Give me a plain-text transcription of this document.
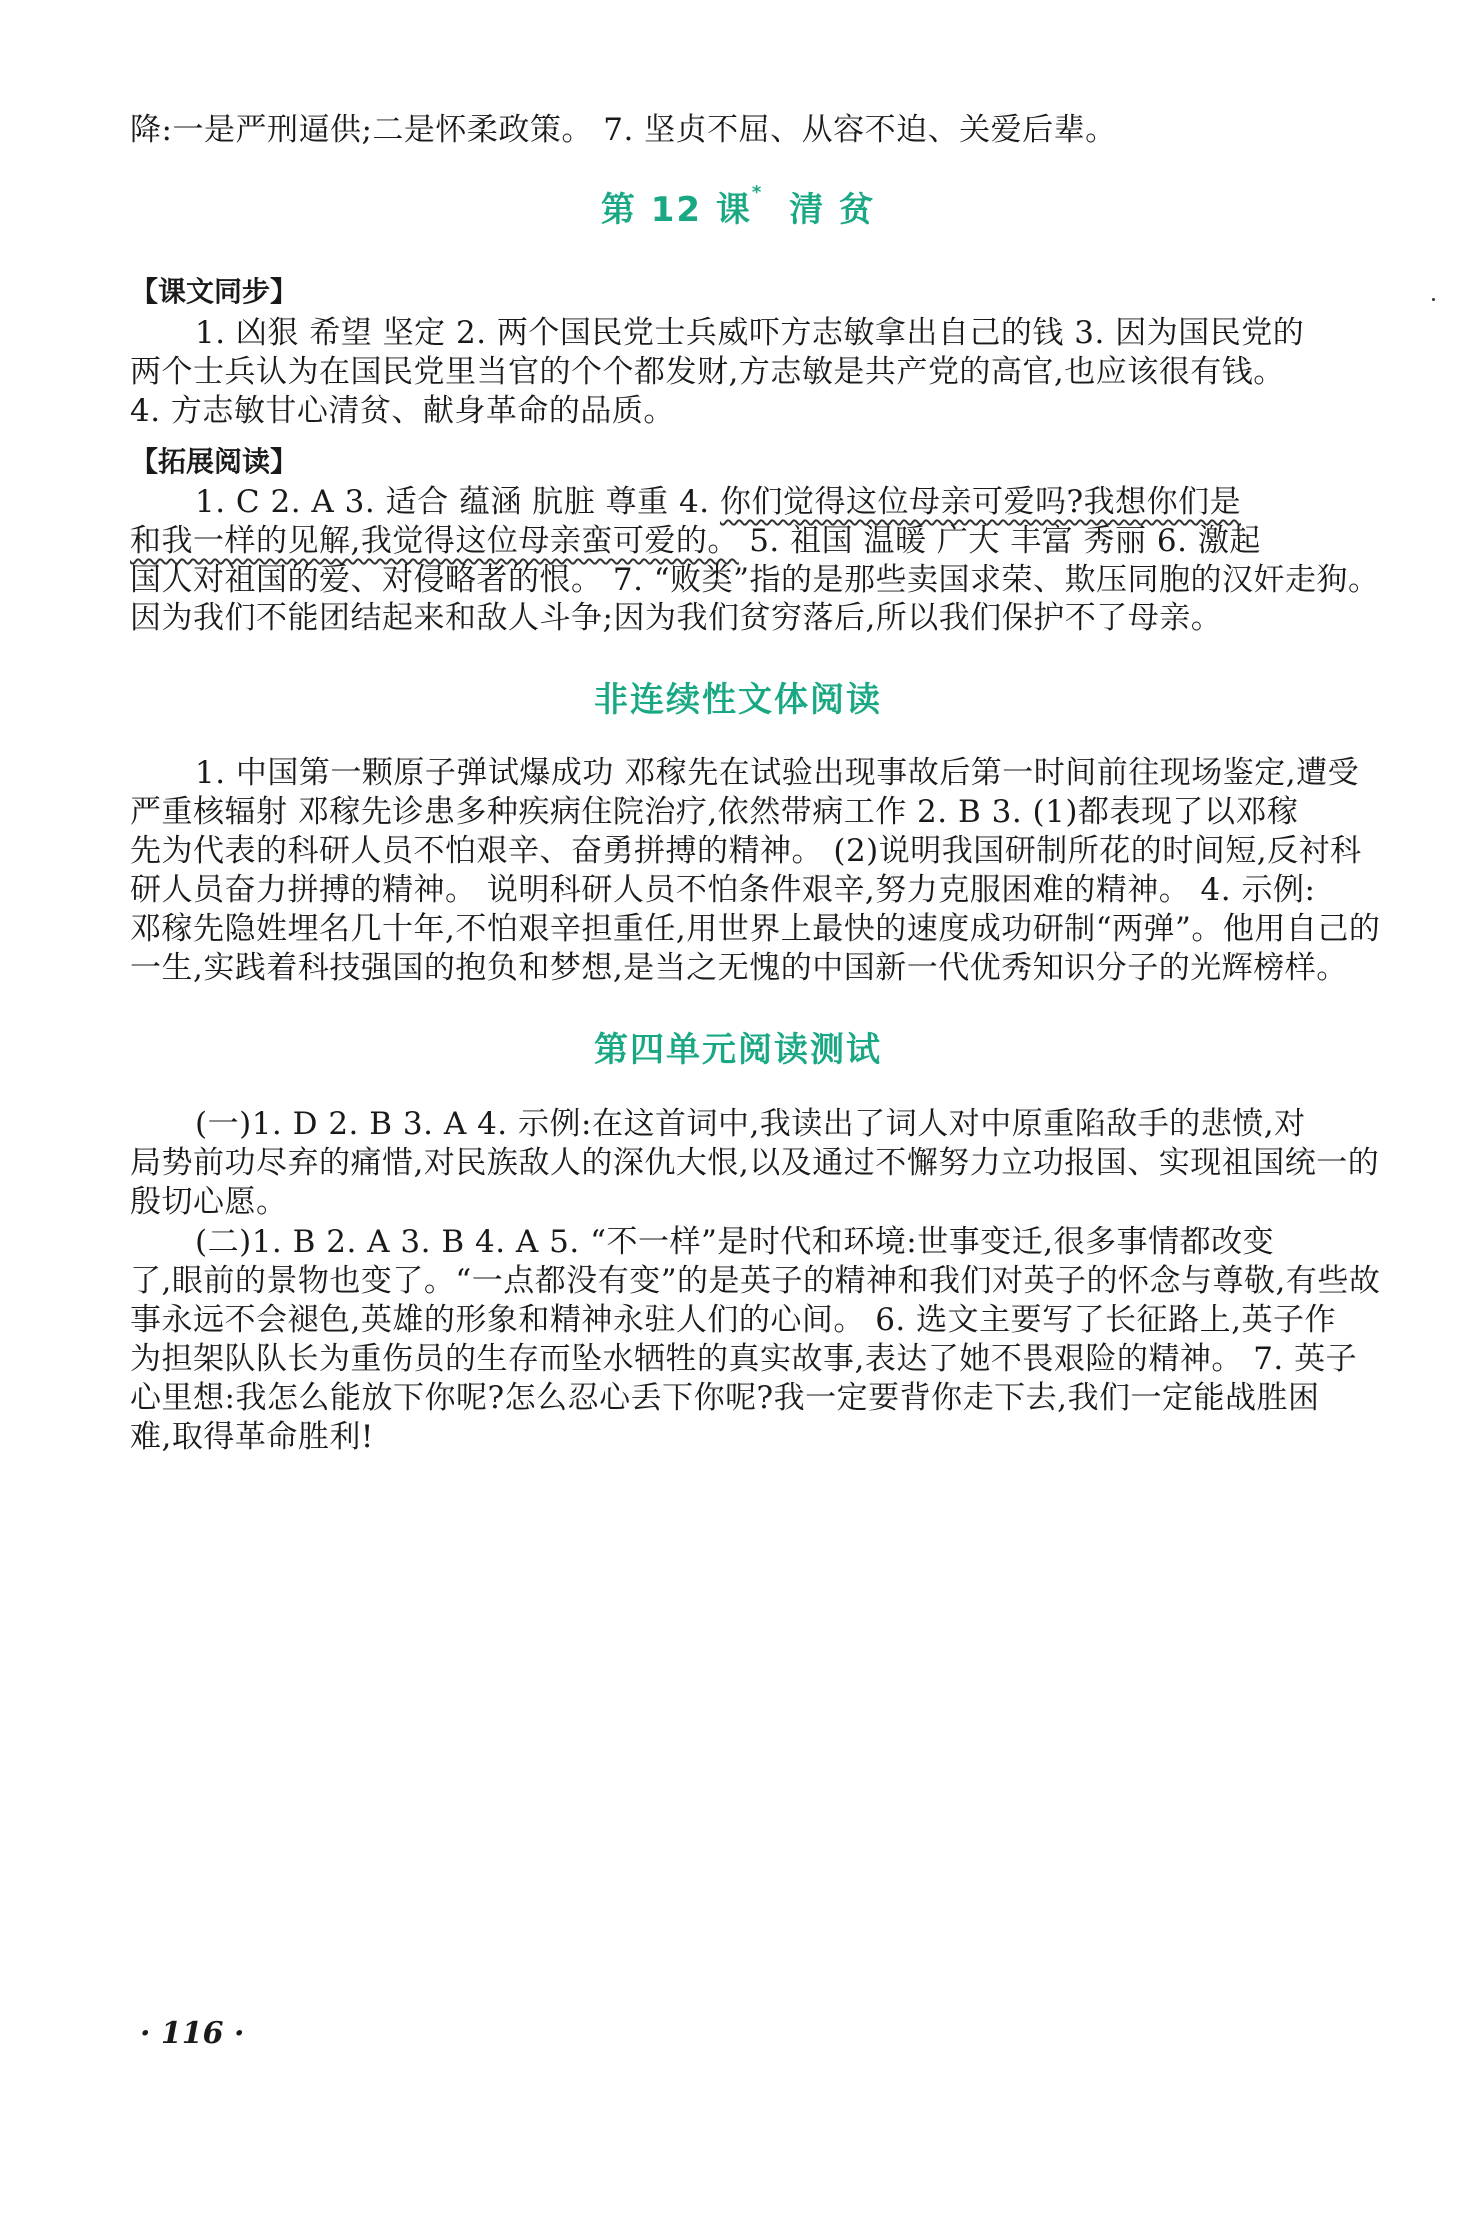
降:一是严刑逼供;二是怀柔政策。 7. 坚贞不屈、从容不迫、关爱后辈。
第 12 课* 清 贫
【课文同步】
1. 凶狠 希望 坚定 2. 两个国民党士兵威吓方志敏拿出自己的钱 3. 因为国民党的
两个士兵认为在国民党里当官的个个都发财,方志敏是共产党的高官,也应该很有钱。
4. 方志敏甘心清贫、献身革命的品质。
【拓展阅读】
1. C 2. A 3. 适合 蕴涵 肮脏 尊重 4. 你们觉得这位母亲可爱吗?我想你们是
和我一样的见解,我觉得这位母亲蛮可爱的。 5. 祖国 温暖 广大 丰富 秀丽 6. 激起
国人对祖国的爱、对侵略者的恨。 7. “败类”指的是那些卖国求荣、欺压同胞的汉奸走狗。
因为我们不能团结起来和敌人斗争;因为我们贫穷落后,所以我们保护不了母亲。
非连续性文体阅读
1. 中国第一颗原子弹试爆成功 邓稼先在试验出现事故后第一时间前往现场鉴定,遭受
严重核辐射 邓稼先诊患多种疾病住院治疗,依然带病工作 2. B 3. (1)都表现了以邓稼
先为代表的科研人员不怕艰辛、奋勇拼搏的精神。 (2)说明我国研制所花的时间短,反衬科
研人员奋力拼搏的精神。 说明科研人员不怕条件艰辛,努力克服困难的精神。 4. 示例:
邓稼先隐姓埋名几十年,不怕艰辛担重任,用世界上最快的速度成功研制“两弹”。他用自己的
一生,实践着科技强国的抱负和梦想,是当之无愧的中国新一代优秀知识分子的光辉榜样。
第四单元阅读测试
(一)1. D 2. B 3. A 4. 示例:在这首词中,我读出了词人对中原重陷敌手的悲愤,对
局势前功尽弃的痛惜,对民族敌人的深仇大恨,以及通过不懈努力立功报国、实现祖国统一的
殷切心愿。
(二)1. B 2. A 3. B 4. A 5. “不一样”是时代和环境:世事变迁,很多事情都改变
了,眼前的景物也变了。“一点都没有变”的是英子的精神和我们对英子的怀念与尊敬,有些故
事永远不会褪色,英雄的形象和精神永驻人们的心间。 6. 选文主要写了长征路上,英子作
为担架队队长为重伤员的生存而坠水牺牲的真实故事,表达了她不畏艰险的精神。 7. 英子
心里想:我怎么能放下你呢?怎么忍心丢下你呢?我一定要背你走下去,我们一定能战胜困
难,取得革命胜利!
· 116 ·
